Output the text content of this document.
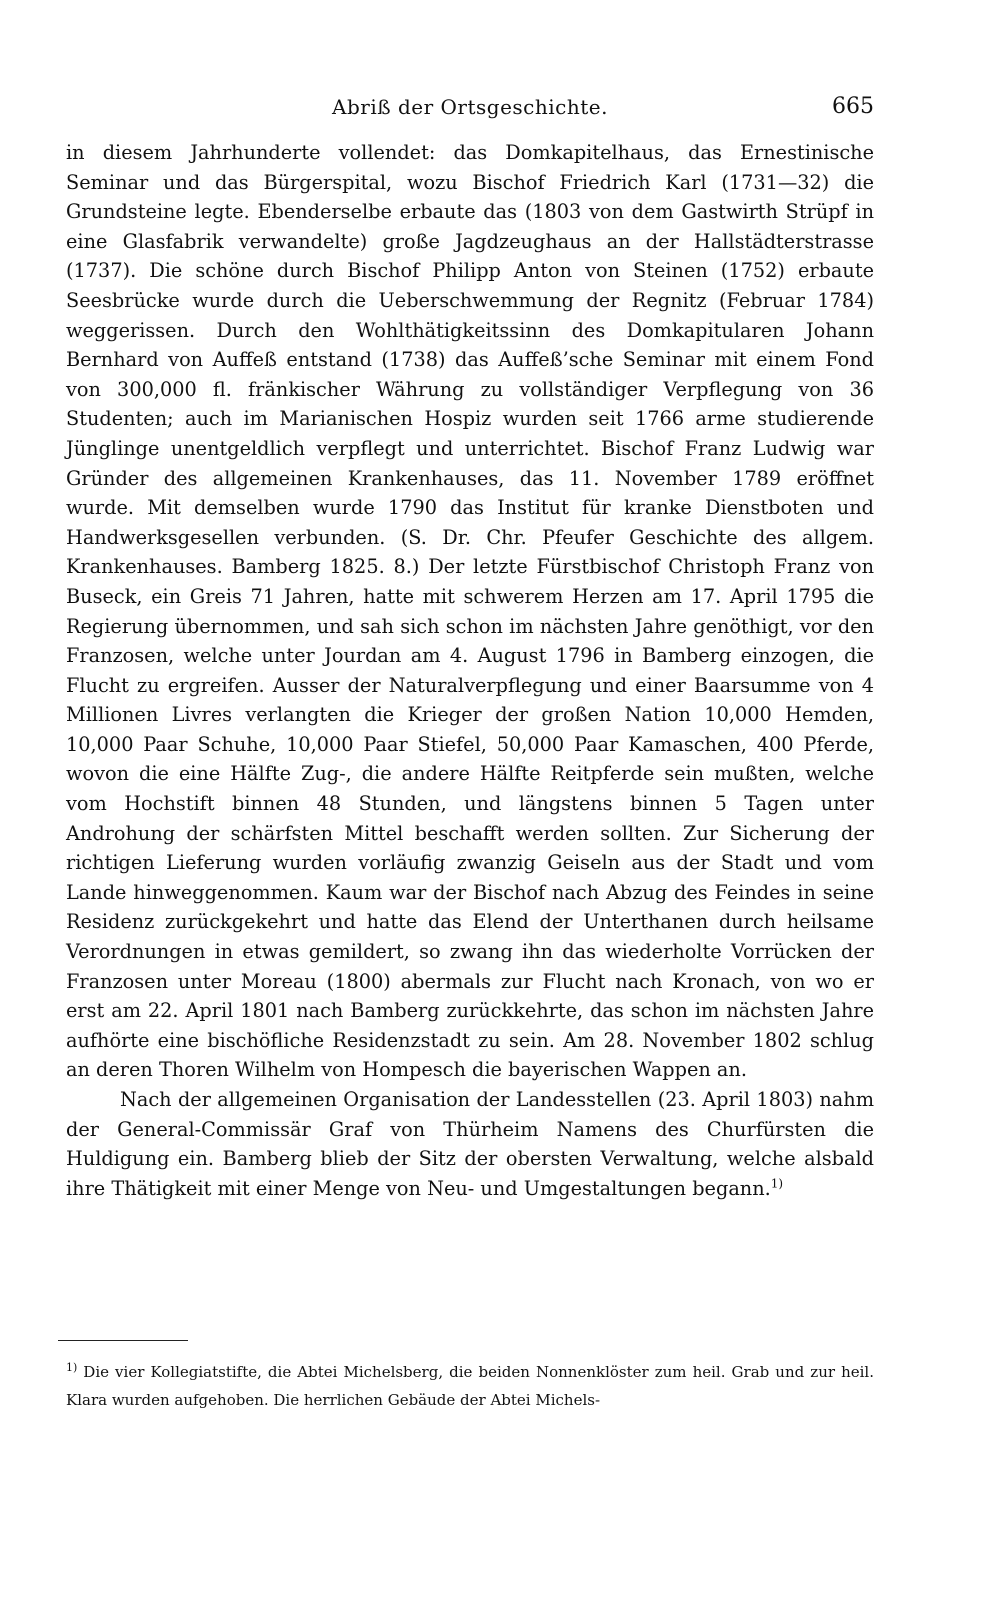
Abriß der Ortsgeschichte.	665

in diesem Jahrhunderte vollendet: das Domkapitelhaus, das Ernestinische Seminar und das Bürgerspital, wozu Bischof Friedrich Karl (1731—32) die Grundsteine legte. Ebenderselbe erbaute das (1803 von dem Gastwirth Strüpf in eine Glasfabrik verwandelte) große Jagdzeughaus an der Hallstädterstrasse (1737). Die schöne durch Bischof Philipp Anton von Steinen (1752) erbaute Seesbrücke wurde durch die Ueberschwemmung der Regnitz (Februar 1784) weggerissen. Durch den Wohlthätigkeitssinn des Domkapitularen Johann Bernhard von Auffeß entstand (1738) das Auffeß’sche Seminar mit einem Fond von 300,000 fl. fränkischer Währung zu vollständiger Verpflegung von 36 Studenten; auch im Marianischen Hospiz wurden seit 1766 arme studierende Jünglinge unentgeldlich verpflegt und unterrichtet. Bischof Franz Ludwig war Gründer des allgemeinen Krankenhauses, das 11. November 1789 eröffnet wurde. Mit demselben wurde 1790 das Institut für kranke Dienstboten und Handwerksgesellen verbunden. (S. Dr. Chr. Pfeufer Geschichte des allgem. Krankenhauses. Bamberg 1825. 8.) Der letzte Fürstbischof Christoph Franz von Buseck, ein Greis 71 Jahren, hatte mit schwerem Herzen am 17. April 1795 die Regierung übernommen, und sah sich schon im nächsten Jahre genöthigt, vor den Franzosen, welche unter Jourdan am 4. August 1796 in Bamberg einzogen, die Flucht zu ergreifen. Ausser der Naturalverpflegung und einer Baarsumme von 4 Millionen Livres verlangten die Krieger der großen Nation 10,000 Hemden, 10,000 Paar Schuhe, 10,000 Paar Stiefel, 50,000 Paar Kamaschen, 400 Pferde, wovon die eine Hälfte Zug-, die andere Hälfte Reitpferde sein mußten, welche vom Hochstift binnen 48 Stunden, und längstens binnen 5 Tagen unter Androhung der schärfsten Mittel beschafft werden sollten. Zur Sicherung der richtigen Lieferung wurden vorläufig zwanzig Geiseln aus der Stadt und vom Lande hinweggenommen. Kaum war der Bischof nach Abzug des Feindes in seine Residenz zurückgekehrt und hatte das Elend der Unterthanen durch heilsame Verordnungen in etwas gemildert, so zwang ihn das wiederholte Vorrücken der Franzosen unter Moreau (1800) abermals zur Flucht nach Kronach, von wo er erst am 22. April 1801 nach Bamberg zurückkehrte, das schon im nächsten Jahre aufhörte eine bischöfliche Residenzstadt zu sein. Am 28. November 1802 schlug an deren Thoren Wilhelm von Hompesch die bayerischen Wappen an.

Nach der allgemeinen Organisation der Landesstellen (23. April 1803) nahm der General-Commissär Graf von Thürheim Namens des Churfürsten die Huldigung ein. Bamberg blieb der Sitz der obersten Verwaltung, welche alsbald ihre Thätigkeit mit einer Menge von Neu- und Umgestaltungen begann.$^{1)}$

$^{1)}$ Die vier Kollegiatstifte, die Abtei Michelsberg, die beiden Nonnenklöster zum heil. Grab und zur heil. Klara wurden aufgehoben. Die herrlichen Gebäude der Abtei Michels-
